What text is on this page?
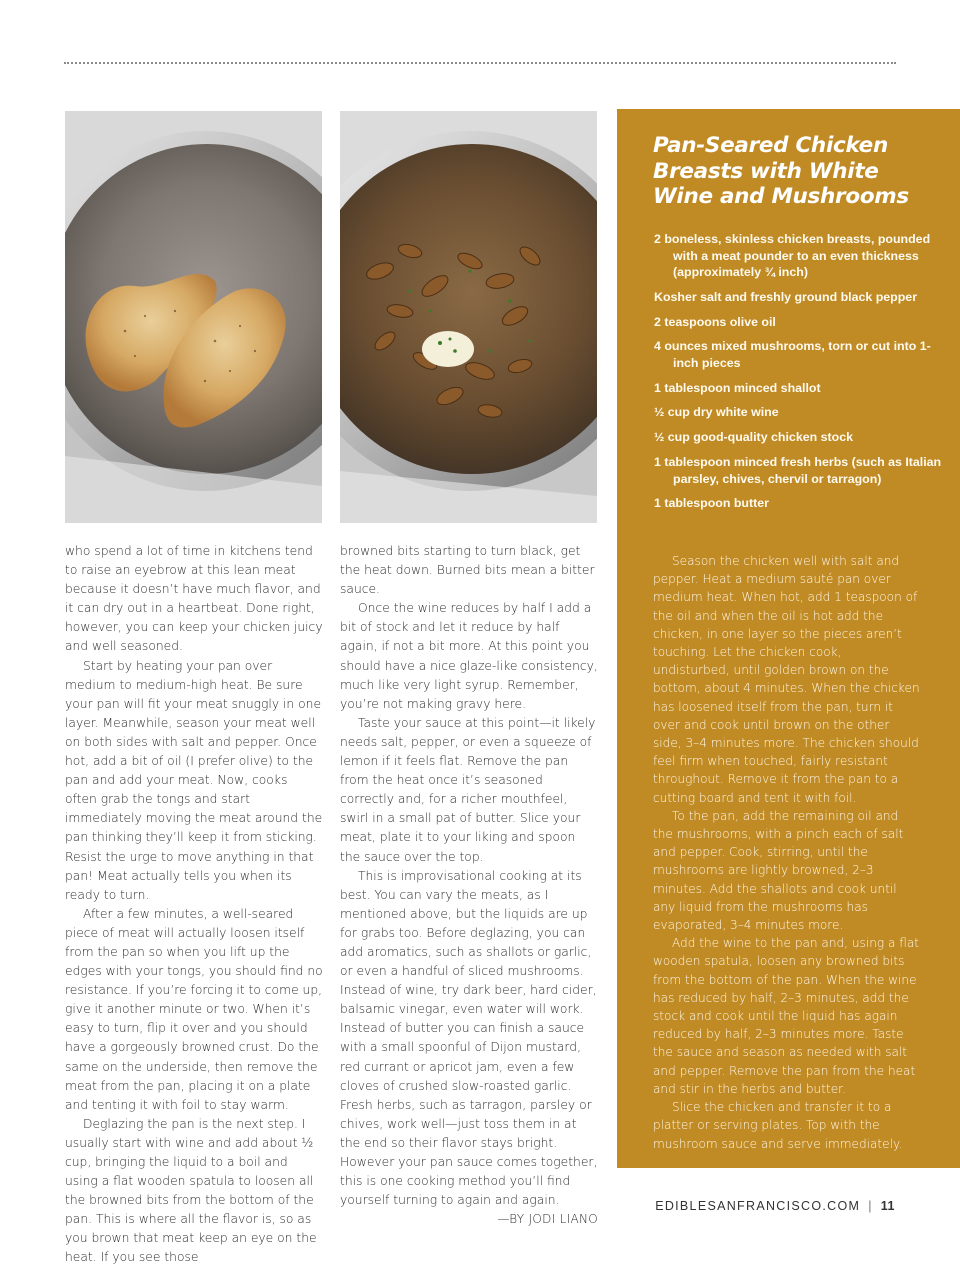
who spend a lot of time in kitchens tend to raise an eyebrow at this lean meat because it doesn’t have much flavor, and it can dry out in a heartbeat. Done right, however, you can keep your chicken juicy and well seasoned.

Start by heating your pan over medium to medium-high heat. Be sure your pan will fit your meat snuggly in one layer. Meanwhile, season your meat well on both sides with salt and pepper. Once hot, add a bit of oil (I prefer olive) to the pan and add your meat. Now, cooks often grab the tongs and start immediately moving the meat around the pan thinking they’ll keep it from sticking. Resist the urge to move anything in that pan! Meat actually tells you when its ready to turn.

After a few minutes, a well-seared piece of meat will actually loosen itself from the pan so when you lift up the edges with your tongs, you should find no resistance. If you’re forcing it to come up, give it another minute or two. When it’s easy to turn, flip it over and you should have a gorgeously browned crust. Do the same on the underside, then remove the meat from the pan, placing it on a plate and tenting it with foil to stay warm.

Deglazing the pan is the next step. I usually start with wine and add about ½ cup, bringing the liquid to a boil and using a flat wooden spatula to loosen all the browned bits from the bottom of the pan. This is where all the flavor is, so as you brown that meat keep an eye on the heat. If you see those

browned bits starting to turn black, get the heat down. Burned bits mean a bitter sauce.

Once the wine reduces by half I add a bit of stock and let it reduce by half again, if not a bit more. At this point you should have a nice glaze-like consistency, much like very light syrup. Remember, you’re not making gravy here.

Taste your sauce at this point—it likely needs salt, pepper, or even a squeeze of lemon if it feels flat. Remove the pan from the heat once it’s seasoned correctly and, for a richer mouthfeel, swirl in a small pat of butter. Slice your meat, plate it to your liking and spoon the sauce over the top.

This is improvisational cooking at its best. You can vary the meats, as I mentioned above, but the liquids are up for grabs too. Before deglazing, you can add aromatics, such as shallots or garlic, or even a handful of sliced mushrooms. Instead of wine, try dark beer, hard cider, balsamic vinegar, even water will work. Instead of butter you can finish a sauce with a small spoonful of Dijon mustard, red currant or apricot jam, even a few cloves of crushed slow-roasted garlic. Fresh herbs, such as tarragon, parsley or chives, work well—just toss them in at the end so their flavor stays bright. However your pan sauce comes together, this is one cooking method you’ll find yourself turning to again and again.

—BY JODI LIANO
Pan-Seared Chicken Breasts with White Wine and Mushrooms
2 boneless, skinless chicken breasts, pounded with a meat pounder to an even thickness (approximately ¾ inch)
Kosher salt and freshly ground black pepper
2 teaspoons olive oil
4 ounces mixed mushrooms, torn or cut into 1-inch pieces
1 tablespoon minced shallot
½ cup dry white wine
½ cup good-quality chicken stock
1 tablespoon minced fresh herbs (such as Italian parsley, chives, chervil or tarragon)
1 tablespoon butter

Season the chicken well with salt and pepper. Heat a medium sauté pan over medium heat. When hot, add 1 teaspoon of the oil and when the oil is hot add the chicken, in one layer so the pieces aren’t touching. Let the chicken cook, undisturbed, until golden brown on the bottom, about 4 minutes. When the chicken has loosened itself from the pan, turn it over and cook until brown on the other side, 3–4 minutes more. The chicken should feel firm when touched, fairly resistant throughout. Remove it from the pan to a cutting board and tent it with foil.

To the pan, add the remaining oil and the mushrooms, with a pinch each of salt and pepper. Cook, stirring, until the mushrooms are lightly browned, 2–3 minutes. Add the shallots and cook until any liquid from the mushrooms has evaporated, 3–4 minutes more.

Add the wine to the pan and, using a flat wooden spatula, loosen any browned bits from the bottom of the pan. When the wine has reduced by half, 2–3 minutes, add the stock and cook until the liquid has again reduced by half, 2–3 minutes more. Taste the sauce and season as needed with salt and pepper. Remove the pan from the heat and stir in the herbs and butter.

Slice the chicken and transfer it to a platter or serving plates. Top with the mushroom sauce and serve immediately.

EDIBLESANFRANCISCO.COM | 11
